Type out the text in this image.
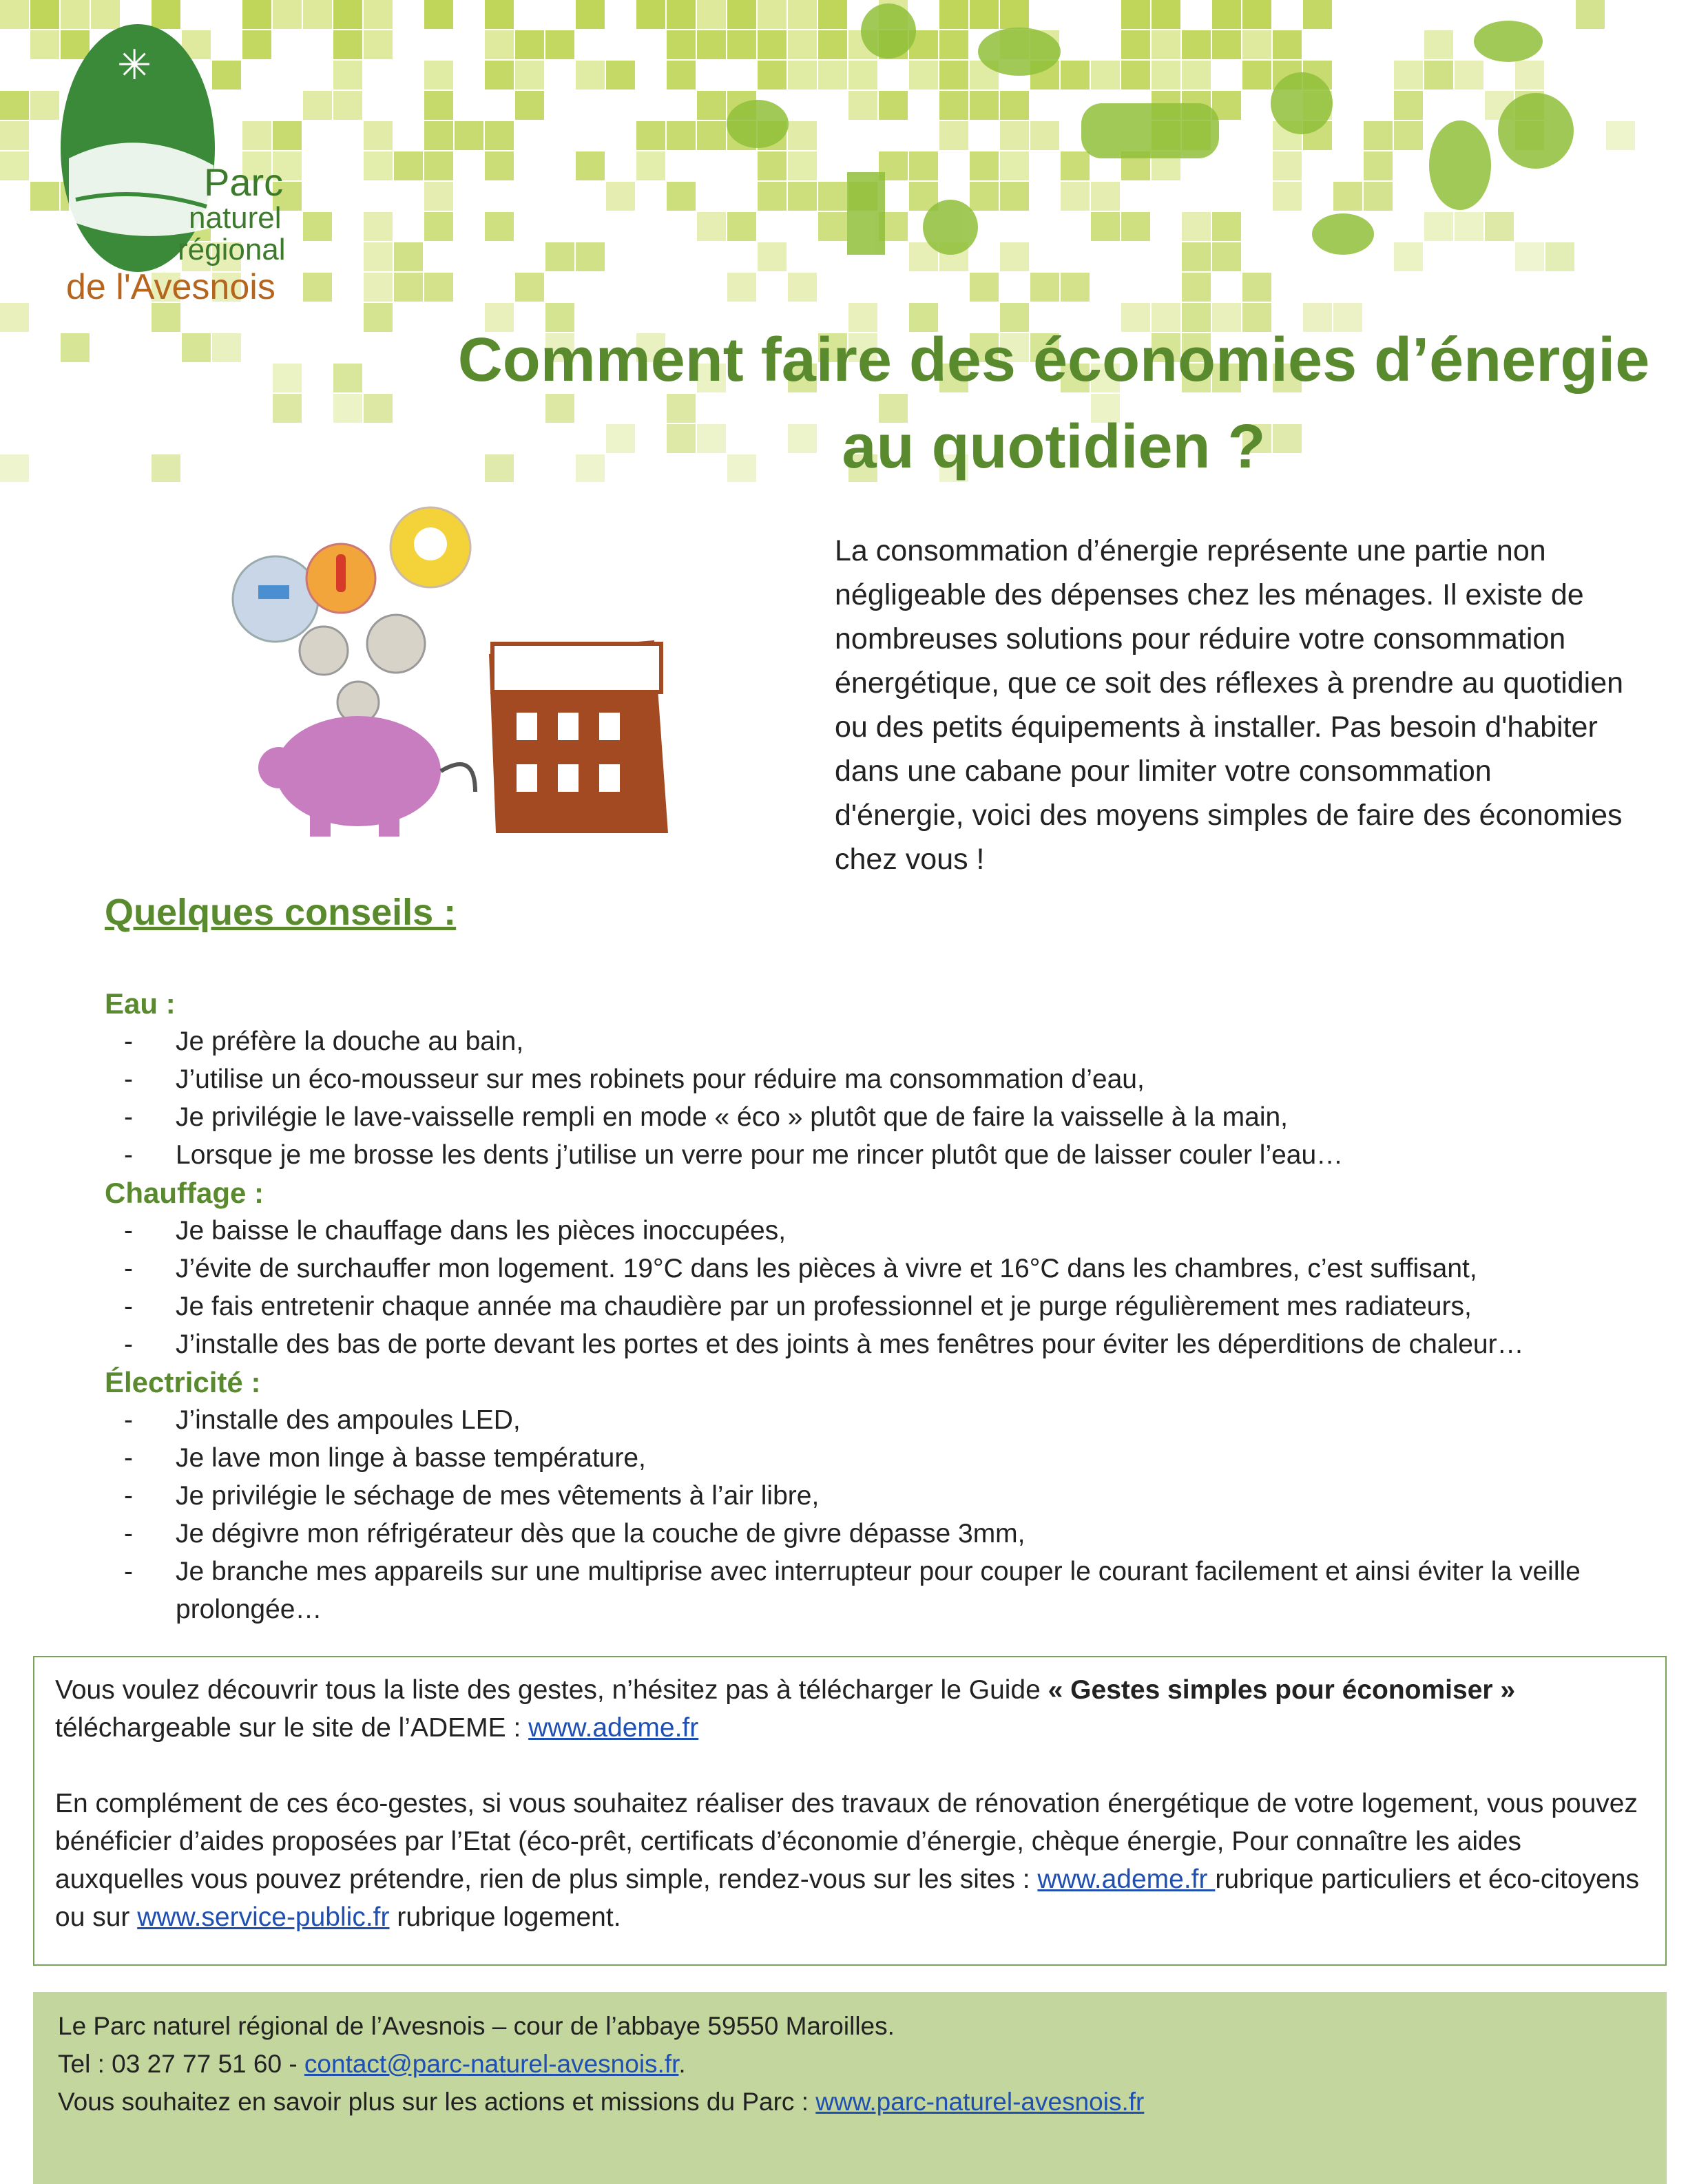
✳
Parc
naturel
régional
de l'Avesnois
Comment faire des économies d’énergie
au quotidien ?
La consommation d’énergie représente une partie non négligeable des dépenses chez les ménages. Il existe de nombreuses solutions pour réduire votre consommation énergétique, que ce soit des réflexes à prendre au quotidien ou des petits équipements à installer. Pas besoin d'habiter dans une cabane pour limiter votre consommation d'énergie, voici des moyens simples de faire des économies chez vous !
Quelques conseils :
Eau :
- Je préfère la douche au bain,
- J’utilise un éco-mousseur sur mes robinets pour réduire ma consommation d’eau,
- Je privilégie le lave-vaisselle rempli en mode « éco » plutôt que de faire la vaisselle à la main,
- Lorsque je me brosse les dents j’utilise un verre pour me rincer plutôt que de laisser couler l’eau…
Chauffage :
- Je baisse le chauffage dans les pièces inoccupées,
- J’évite de surchauffer mon logement. 19°C dans les pièces à vivre et 16°C dans les chambres, c’est suffisant,
- Je fais entretenir chaque année ma chaudière par un professionnel et je purge régulièrement mes radiateurs,
- J’installe des bas de porte devant les portes et des joints à mes fenêtres pour éviter les déperditions de chaleur…
Électricité :
- J’installe des ampoules LED,
- Je lave mon linge à basse température,
- Je privilégie le séchage de mes vêtements à l’air libre,
- Je dégivre mon réfrigérateur dès que la couche de givre dépasse 3mm,
- Je branche mes appareils sur une multiprise avec interrupteur pour couper le courant facilement et ainsi éviter la veille prolongée…
Vous voulez découvrir tous la liste des gestes, n’hésitez pas à télécharger le Guide « Gestes simples pour économiser » téléchargeable sur le site de l’ADEME : www.ademe.fr
En complément de ces éco-gestes, si vous souhaitez réaliser des travaux de rénovation énergétique de votre logement, vous pouvez bénéficier d’aides proposées par l’Etat (éco-prêt, certificats d’économie d’énergie, chèque énergie, Pour connaître les aides auxquelles vous pouvez prétendre, rien de plus simple, rendez-vous sur les sites : www.ademe.fr rubrique particuliers et éco-citoyens ou sur www.service-public.fr rubrique logement.
Le Parc naturel régional de l’Avesnois – cour de l’abbaye 59550 Maroilles.
Tel : 03 27 77 51 60 - contact@parc-naturel-avesnois.fr.
Vous souhaitez en savoir plus sur les actions et missions du Parc : www.parc-naturel-avesnois.fr
